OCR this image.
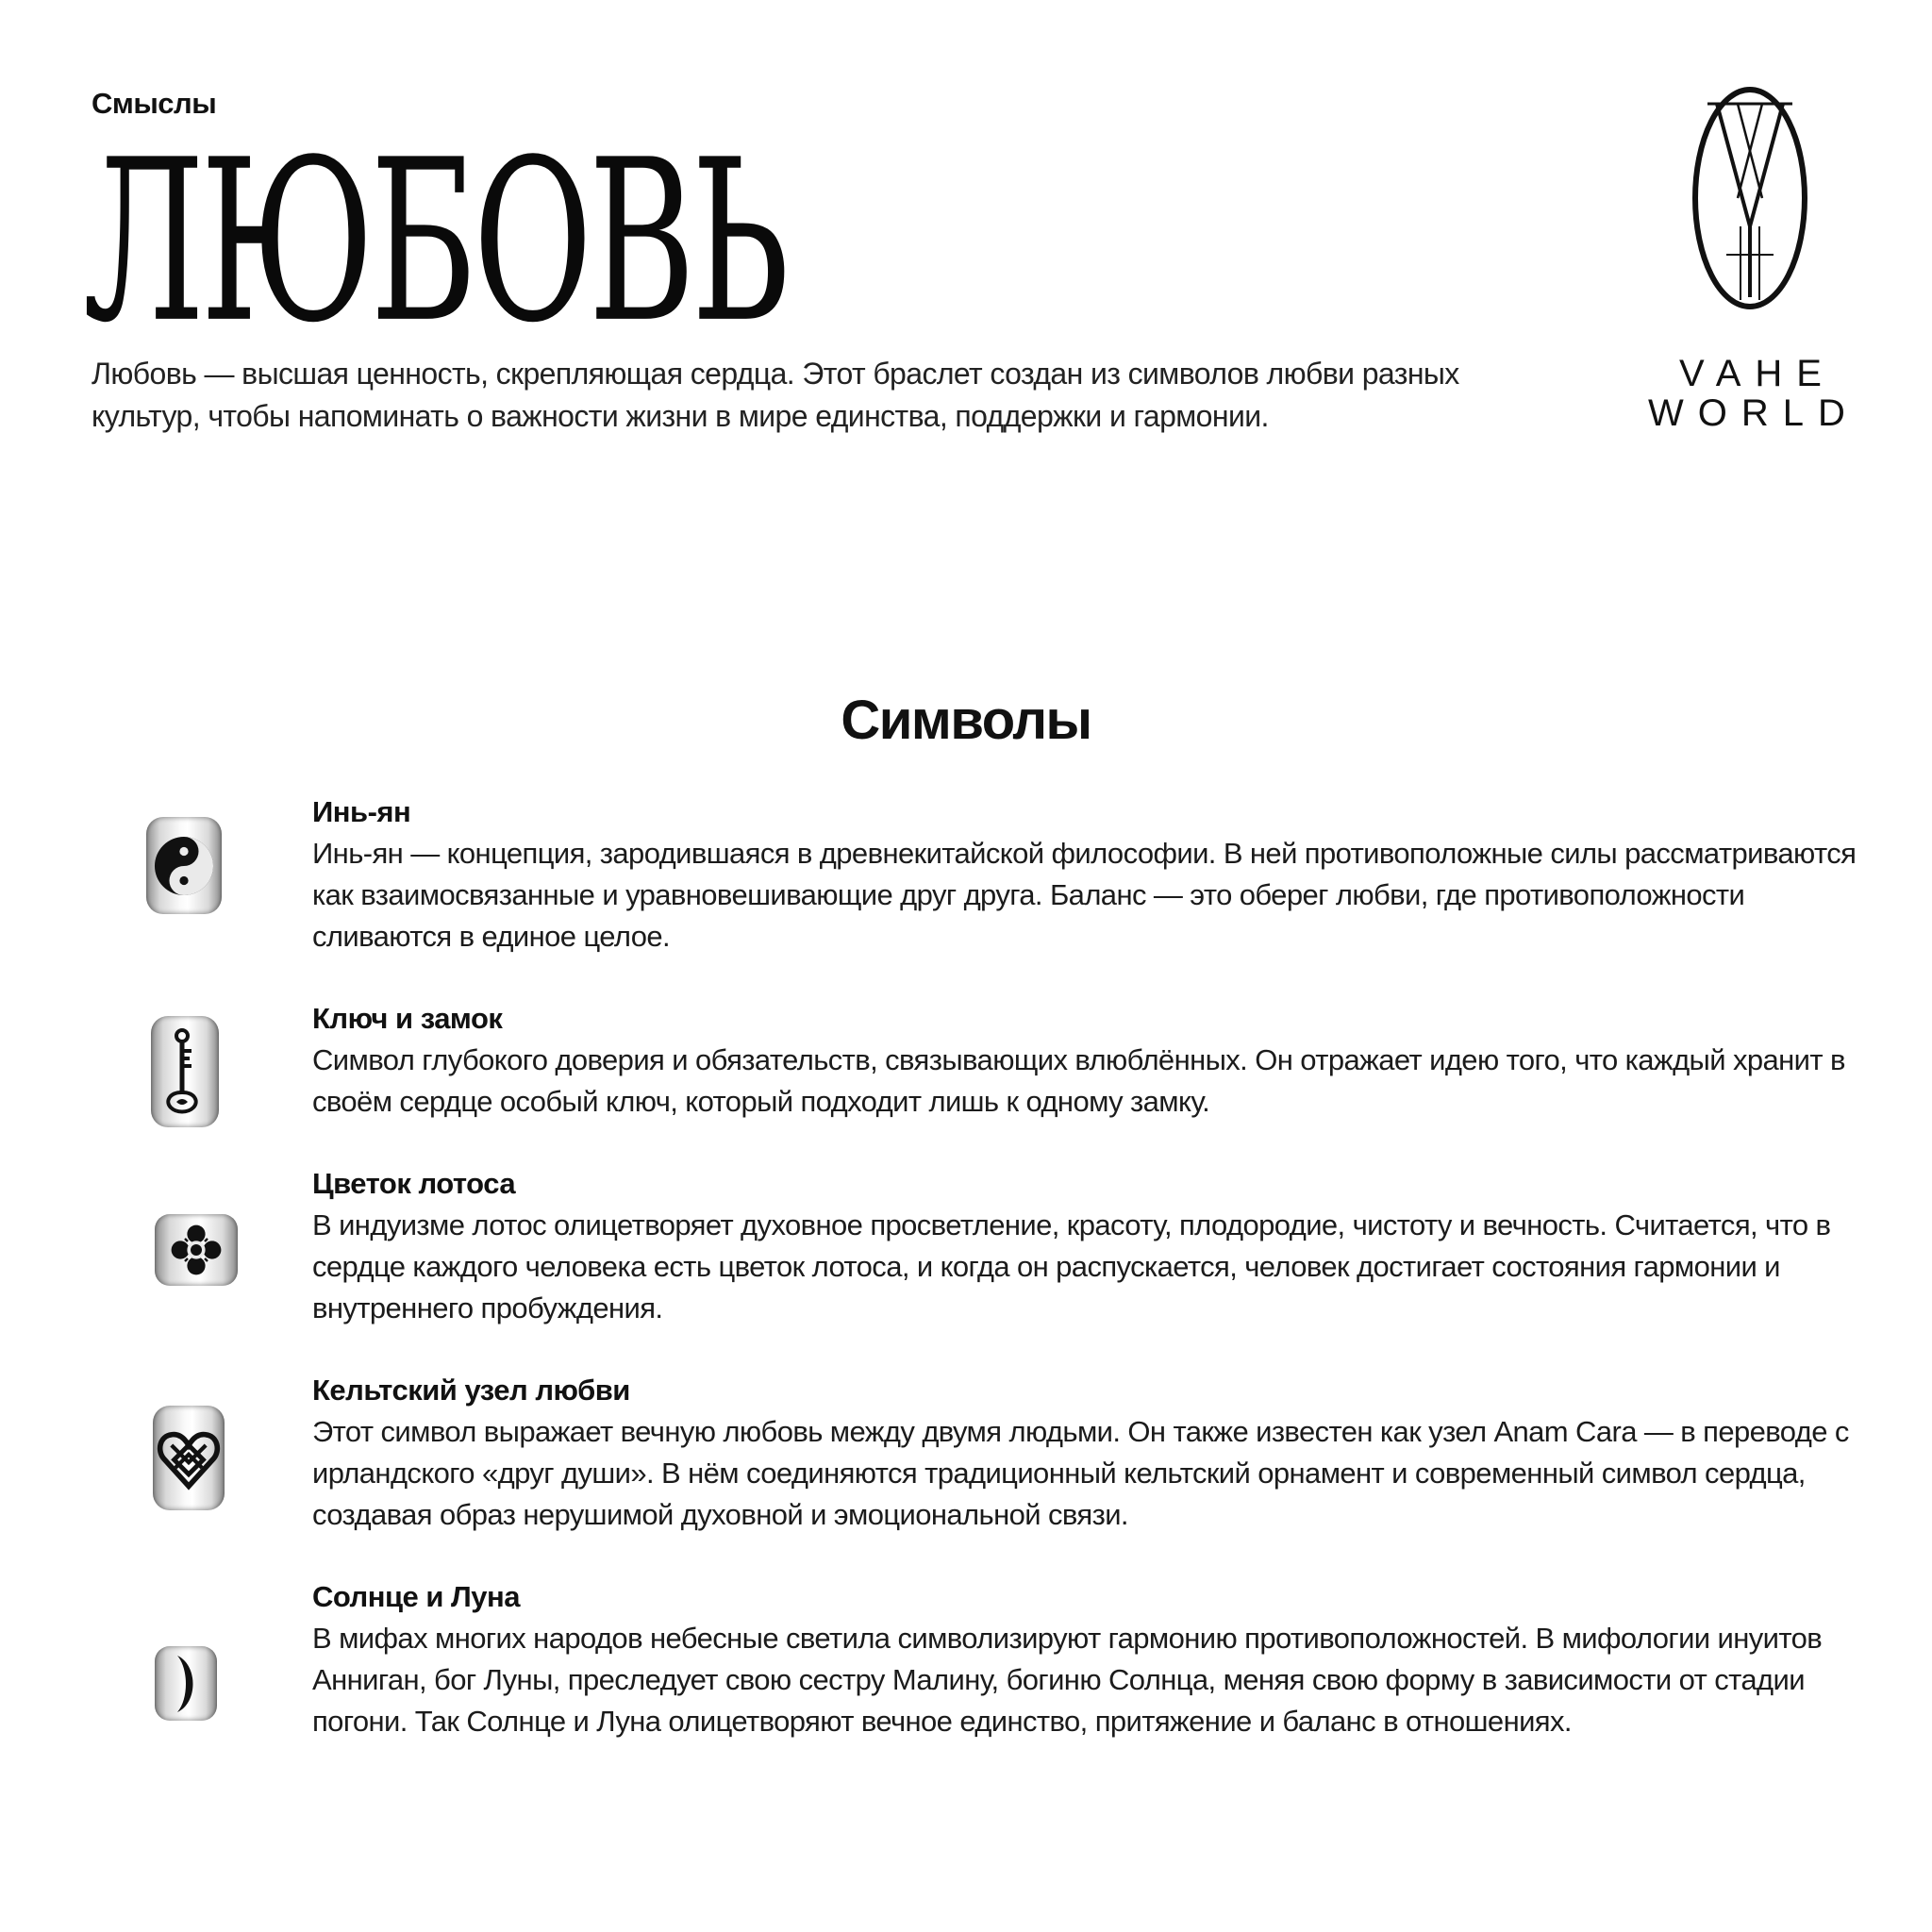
Смыслы
ЛЮБОВЬ
Любовь — высшая ценность, скрепляющая сердца. Этот браслет создан из символов любви разных культур, чтобы напоминать о важности жизни в мире единства, поддержки и гармонии.
VAHE
WORLD
Символы
Инь-ян
Инь-ян — концепция, зародившаяся в древнекитайской философии. В ней противоположные силы рассматриваются как взаимосвязанные и уравновешивающие друг друга. Баланс — это оберег любви, где противоположности сливаются в единое целое.
Ключ и замок
Символ глубокого доверия и обязательств, связывающих влюблённых. Он отражает идею того, что каждый хранит в своём сердце особый ключ, который подходит лишь к одному замку.
Цветок лотоса
В индуизме лотос олицетворяет духовное просветление, красоту, плодородие, чистоту и вечность. Считается, что в сердце каждого человека есть цветок лотоса, и когда он распускается, человек достигает состояния гармонии и внутреннего пробуждения.
Кельтский узел любви
Этот символ выражает вечную любовь между двумя людьми. Он также известен как узел Anam Cara — в переводе с ирландского «друг души». В нём соединяются традиционный кельтский орнамент и современный символ сердца, создавая образ нерушимой духовной и эмоциональной связи.
Солнце и Луна
В мифах многих народов небесные светила символизируют гармонию противоположностей. В мифологии инуитов Анниган, бог Луны, преследует свою сестру Малину, богиню Солнца, меняя свою форму в зависимости от стадии погони. Так Солнце и Луна олицетворяют вечное единство, притяжение и баланс в отношениях.
